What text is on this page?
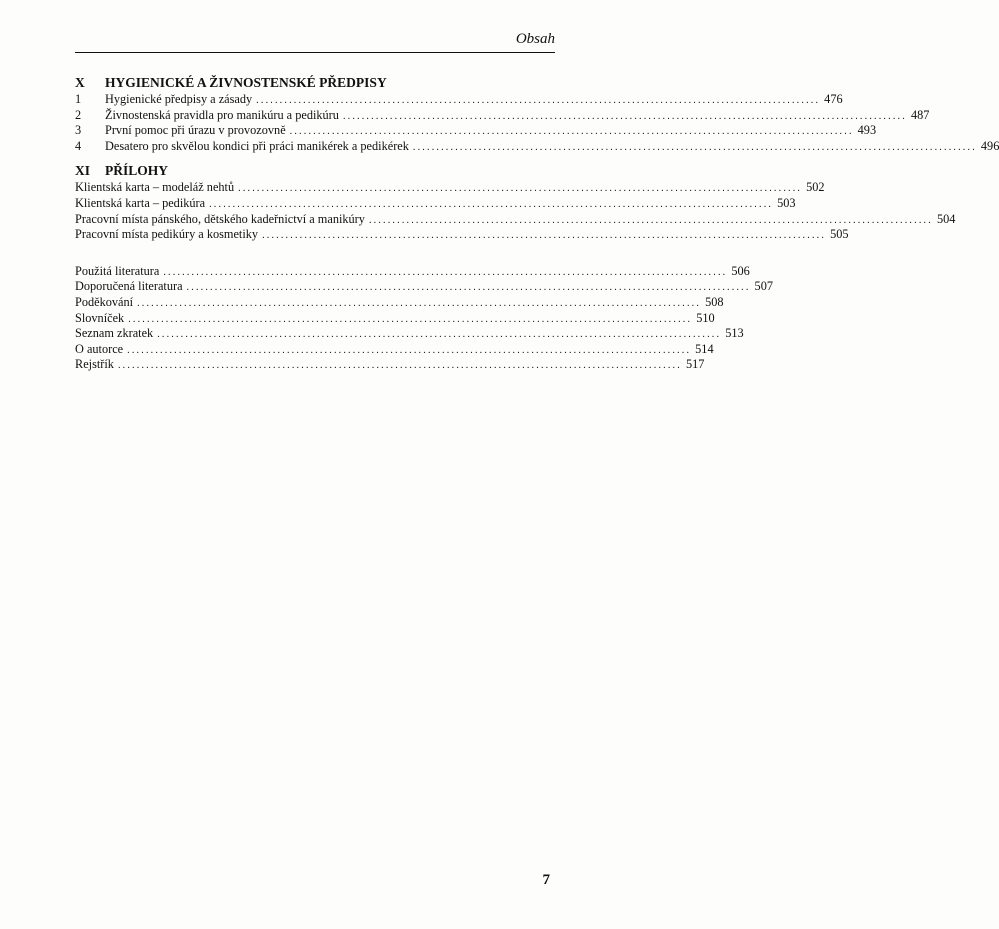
Obsah
X	HYGIENICKÉ A ŽIVNOSTENSKÉ PŘEDPISY
1	Hygienické předpisy a zásady ........................................................................................................................ 476
2	Živnostenská pravidla pro manikúru a pedikúru ........................................................................................................................ 487
3	První pomoc při úrazu v provozovně ........................................................................................................................ 493
4	Desatero pro skvělou kondici při práci manikérek a pedikérek ........................................................................................................................ 496
XI	PŘÍLOHY
Klientská karta – modeláž nehtů ........................................................................................................................ 502
Klientská karta – pedikúra ........................................................................................................................ 503
Pracovní místa pánského, dětského kadeřnictví a manikúry ........................................................................................................................ 504
Pracovní místa pedikúry a kosmetiky ........................................................................................................................ 505
Použitá literatura ........................................................................................................................ 506
Doporučená literatura ........................................................................................................................ 507
Poděkování ........................................................................................................................ 508
Slovníček ........................................................................................................................ 510
Seznam zkratek ........................................................................................................................ 513
O autorce ........................................................................................................................ 514
Rejstřík ........................................................................................................................ 517
7
